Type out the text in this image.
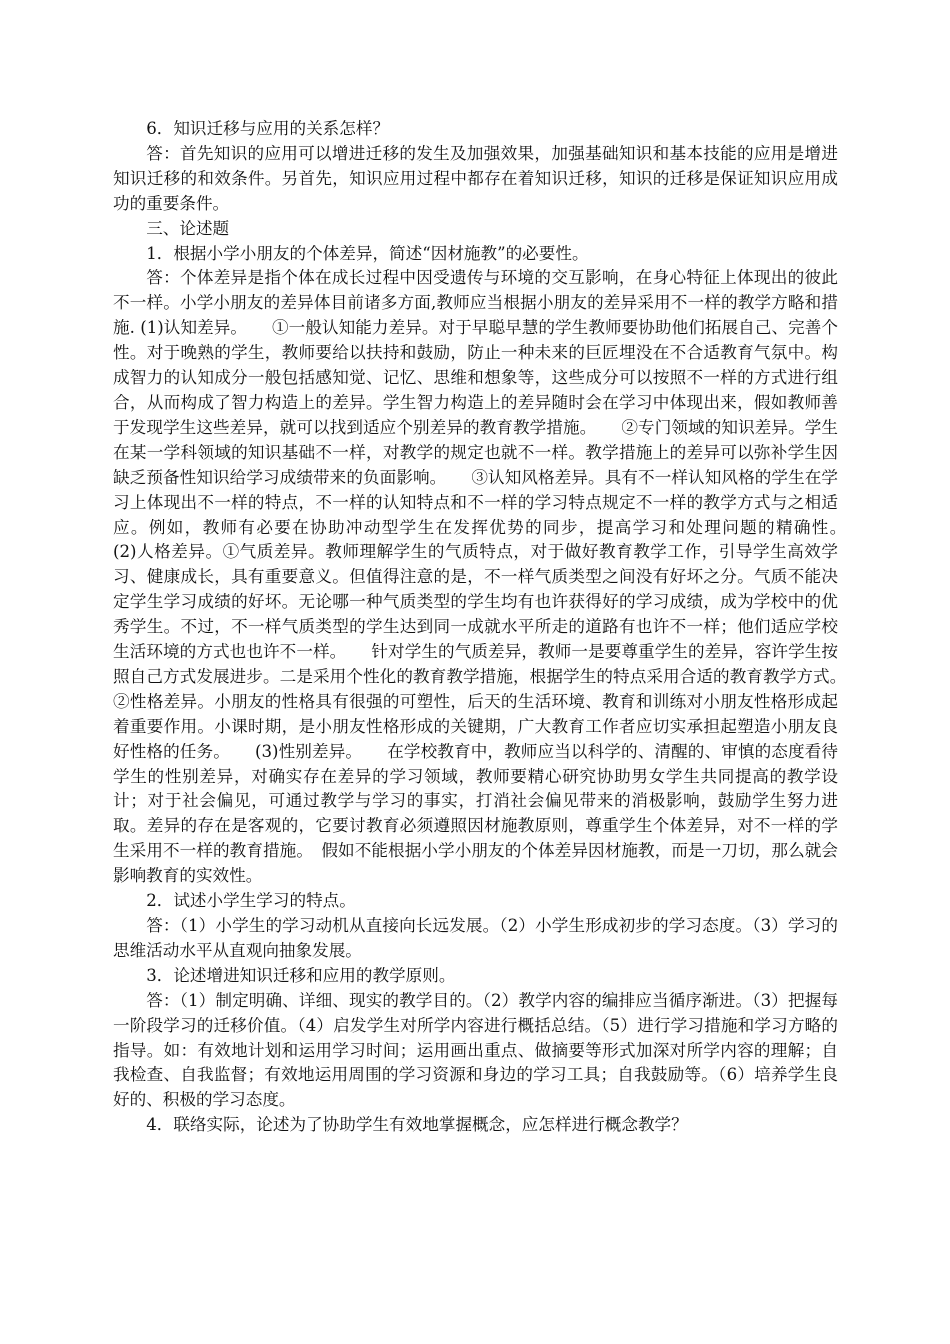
6．知识迁移与应用的关系怎样？

答：首先知识的应用可以增进迁移的发生及加强效果，加强基础知识和基本技能的应用是增进知识迁移的和效条件。另首先，知识应用过程中都存在着知识迁移，知识的迁移是保证知识应用成功的重要条件。

三、论述题

1．根据小学小朋友的个体差异，简述“因材施教”的必要性。

答：个体差异是指个体在成长过程中因受遗传与环境的交互影响，在身心特征上体现出的彼此不一样。小学小朋友的差异体目前诸多方面,教师应当根据小朋友的差异采用不一样的教学方略和措施. (1)认知差异。　　①一般认知能力差异。对于早聪早慧的学生教师要协助他们拓展自己、完善个性。对于晚熟的学生，教师要给以扶持和鼓励，防止一种未来的巨匠埋没在不合适教育气氛中。构成智力的认知成分一般包括感知觉、记忆、思维和想象等，这些成分可以按照不一样的方式进行组合，从而构成了智力构造上的差异。学生智力构造上的差异随时会在学习中体现出来，假如教师善于发现学生这些差异，就可以找到适应个别差异的教育教学措施。　　②专门领域的知识差异。学生在某一学科领域的知识基础不一样，对教学的规定也就不一样。教学措施上的差异可以弥补学生因缺乏预备性知识给学习成绩带来的负面影响。　　③认知风格差异。具有不一样认知风格的学生在学习上体现出不一样的特点，不一样的认知特点和不一样的学习特点规定不一样的教学方式与之相适应。例如，教师有必要在协助冲动型学生在发挥优势的同步，提高学习和处理问题的精确性。　　(2)人格差异。①气质差异。教师理解学生的气质特点，对于做好教育教学工作，引导学生高效学习、健康成长，具有重要意义。但值得注意的是，不一样气质类型之间没有好坏之分。气质不能决定学生学习成绩的好坏。无论哪一种气质类型的学生均有也许获得好的学习成绩，成为学校中的优秀学生。不过，不一样气质类型的学生达到同一成就水平所走的道路有也许不一样；他们适应学校生活环境的方式也也许不一样。　　针对学生的气质差异，教师一是要尊重学生的差异，容许学生按照自己方式发展进步。二是采用个性化的教育教学措施，根据学生的特点采用合适的教育教学方式。　　②性格差异。小朋友的性格具有很强的可塑性，后天的生活环境、教育和训练对小朋友性格形成起着重要作用。小课时期，是小朋友性格形成的关键期，广大教育工作者应切实承担起塑造小朋友良好性格的任务。　　(3)性别差异。　　在学校教育中，教师应当以科学的、清醒的、审慎的态度看待学生的性别差异，对确实存在差异的学习领域，教师要精心研究协助男女学生共同提高的教学设计；对于社会偏见，可通过教学与学习的事实，打消社会偏见带来的消极影响，鼓励学生努力进取。差异的存在是客观的，它要讨教育必须遵照因材施教原则，尊重学生个体差异，对不一样的学生采用不一样的教育措施。　假如不能根据小学小朋友的个体差异因材施教，而是一刀切，那么就会影响教育的实效性。

2．试述小学生学习的特点。

答：（1）小学生的学习动机从直接向长远发展。（2）小学生形成初步的学习态度。（3）学习的思维活动水平从直观向抽象发展。

3．论述增进知识迁移和应用的教学原则。

答：（1）制定明确、详细、现实的教学目的。（2）教学内容的编排应当循序渐进。（3）把握每一阶段学习的迁移价值。（4）启发学生对所学内容进行概括总结。（5）进行学习措施和学习方略的指导。如：有效地计划和运用学习时间；运用画出重点、做摘要等形式加深对所学内容的理解；自我检查、自我监督；有效地运用周围的学习资源和身边的学习工具；自我鼓励等。（6）培养学生良好的、积极的学习态度。

4．联络实际，论述为了协助学生有效地掌握概念，应怎样进行概念教学？
